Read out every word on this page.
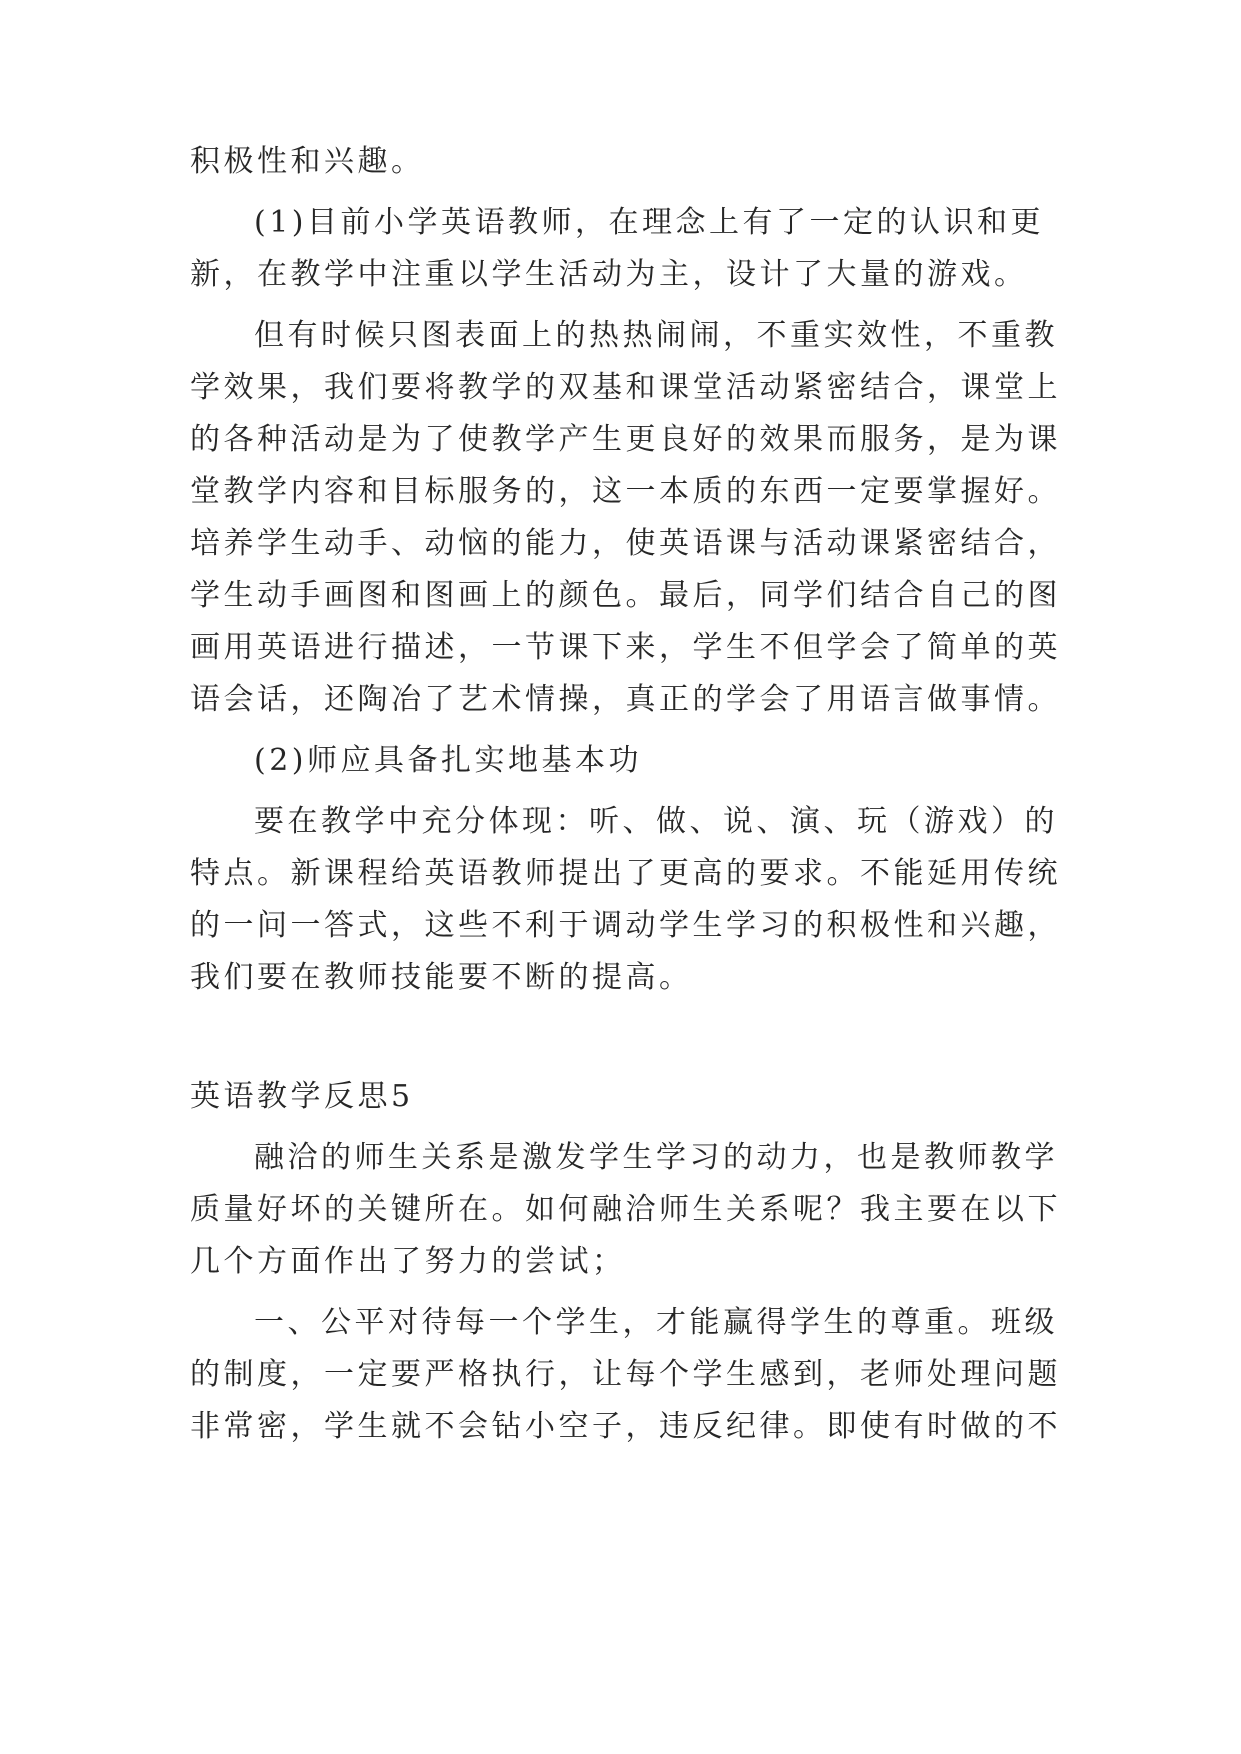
积极性和兴趣。
(1)目前小学英语教师，在理念上有了一定的认识和更
新，在教学中注重以学生活动为主，设计了大量的游戏。
但有时候只图表面上的热热闹闹，不重实效性，不重教
学效果，我们要将教学的双基和课堂活动紧密结合，课堂上
的各种活动是为了使教学产生更良好的效果而服务，是为课
堂教学内容和目标服务的，这一本质的东西一定要掌握好。
培养学生动手、动恼的能力，使英语课与活动课紧密结合，
学生动手画图和图画上的颜色。最后，同学们结合自己的图
画用英语进行描述，一节课下来，学生不但学会了简单的英
语会话，还陶冶了艺术情操，真正的学会了用语言做事情。
(2)师应具备扎实地基本功
要在教学中充分体现：听、做、说、演、玩（游戏）的
特点。新课程给英语教师提出了更高的要求。不能延用传统
的一问一答式，这些不利于调动学生学习的积极性和兴趣，
我们要在教师技能要不断的提高。
英语教学反思5
融洽的师生关系是激发学生学习的动力，也是教师教学
质量好坏的关键所在。如何融洽师生关系呢？我主要在以下
几个方面作出了努力的尝试；
一、公平对待每一个学生，才能赢得学生的尊重。班级
的制度，一定要严格执行，让每个学生感到，老师处理问题
非常密，学生就不会钻小空子，违反纪律。即使有时做的不
